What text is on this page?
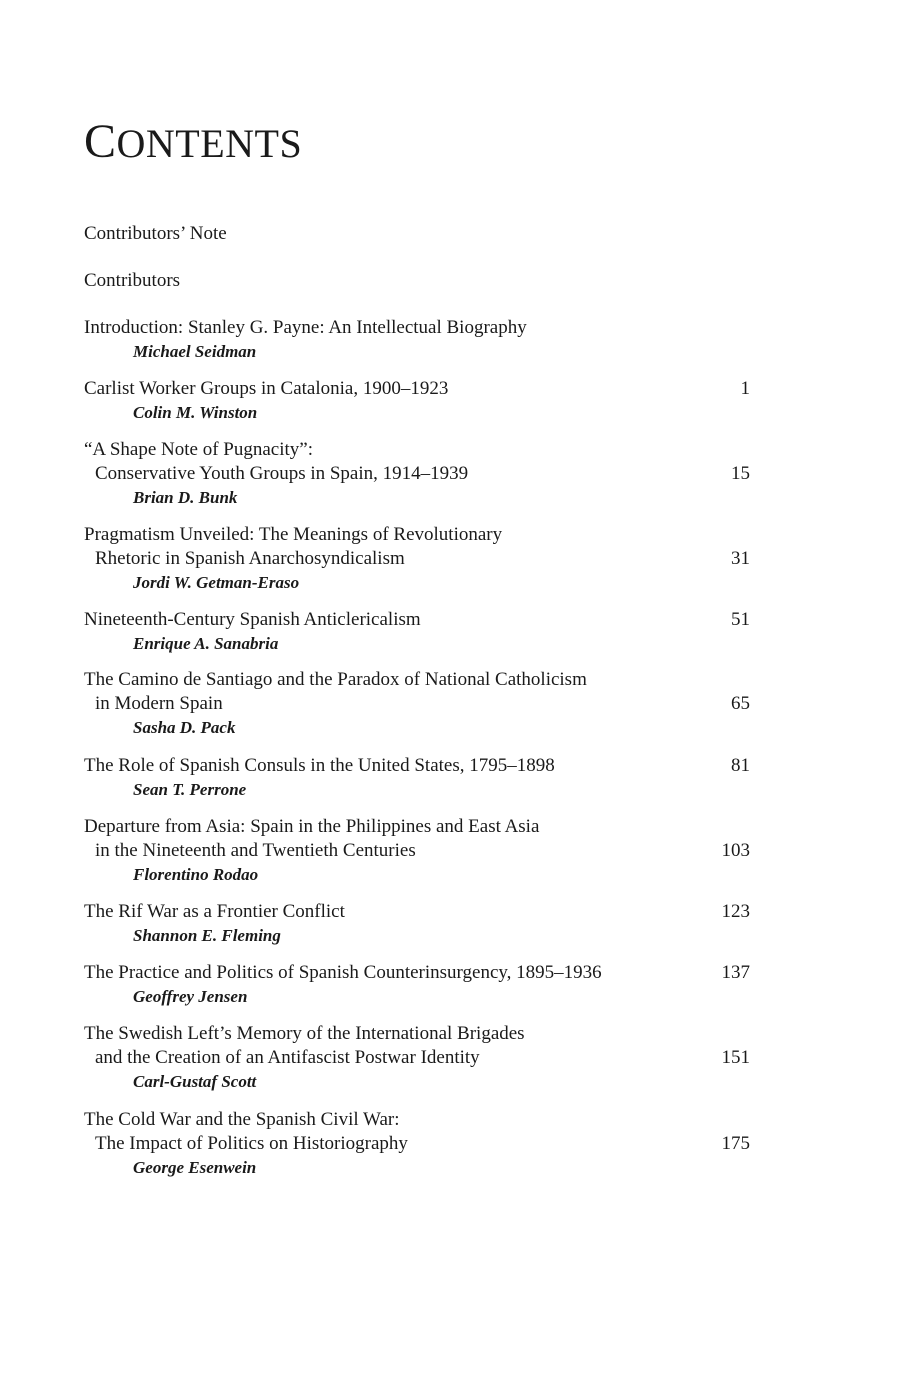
CONTENTS

Contributors’ Note

Contributors

Introduction: Stanley G. Payne: An Intellectual Biography
Michael Seidman
Carlist Worker Groups in Catalonia, 1900–1923
Colin M. Winston
1
“A Shape Note of Pugnacity”:
Conservative Youth Groups in Spain, 1914–1939
Brian D. Bunk
15
Pragmatism Unveiled: The Meanings of Revolutionary
Rhetoric in Spanish Anarchosyndicalism
Jordi W. Getman-Eraso
31
Nineteenth-Century Spanish Anticlericalism
Enrique A. Sanabria
51
The Camino de Santiago and the Paradox of National Catholicism
in Modern Spain
Sasha D. Pack
65
The Role of Spanish Consuls in the United States, 1795–1898
Sean T. Perrone
81
Departure from Asia: Spain in the Philippines and East Asia
in the Nineteenth and Twentieth Centuries
Florentino Rodao
103
The Rif War as a Frontier Conflict
Shannon E. Fleming
123
The Practice and Politics of Spanish Counterinsurgency, 1895–1936
Geoffrey Jensen
137
The Swedish Left’s Memory of the International Brigades
and the Creation of an Antifascist Postwar Identity
Carl-Gustaf Scott
151
The Cold War and the Spanish Civil War:
The Impact of Politics on Historiography
George Esenwein
175
